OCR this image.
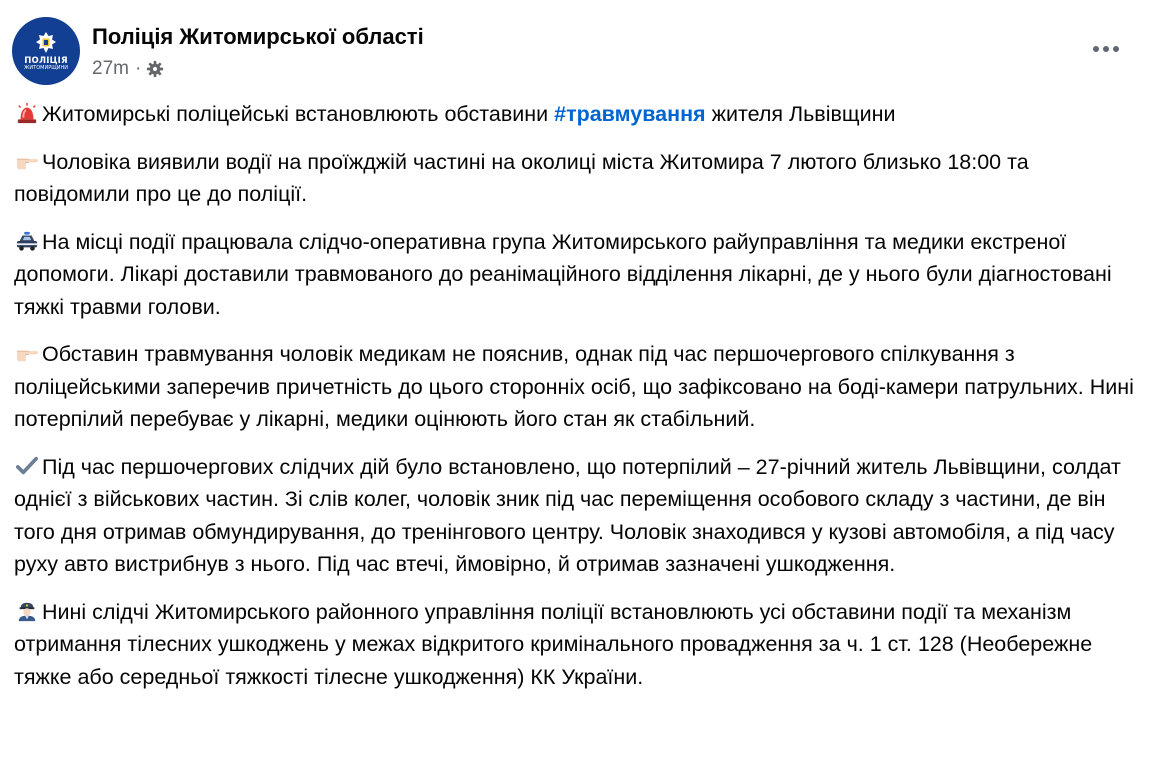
ПОЛІЦІЯ
ЖИТОМИРЩИНИ
Поліція Житомирської області
27m ·

Житомирські поліцейські встановлюють обставини #травмування жителя Львівщини

Чоловіка виявили водії на проїжджій частині на околиці міста Житомира 7 лютого близько 18:00 та повідомили про це до поліції.

На місці події працювала слідчо-оперативна група Житомирського райуправління та медики екстреної допомоги. Лікарі доставили травмованого до реанімаційного відділення лікарні, де у нього були діагностовані тяжкі травми голови.

Обставин травмування чоловік медикам не пояснив, однак під час першочергового спілкування з поліцейськими заперечив причетність до цього сторонніх осіб, що зафіксовано на боді-камери патрульних. Нині потерпілий перебуває у лікарні, медики оцінюють його стан як стабільний.

Під час першочергових слідчих дій було встановлено, що потерпілий – 27-річний житель Львівщини, солдат однієї з військових частин. Зі слів колег, чоловік зник під час переміщення особового складу з частини, де він того дня отримав обмундирування, до тренінгового центру. Чоловік знаходився у кузові автомобіля, а під часу руху авто вистрибнув з нього. Під час втечі, ймовірно, й отримав зазначені ушкодження.

Нині слідчі Житомирського районного управління поліції встановлюють усі обставини події та механізм отримання тілесних ушкоджень у межах відкритого кримінального провадження за ч. 1 ст. 128 (Необережне тяжке або середньої тяжкості тілесне ушкодження) КК України.
